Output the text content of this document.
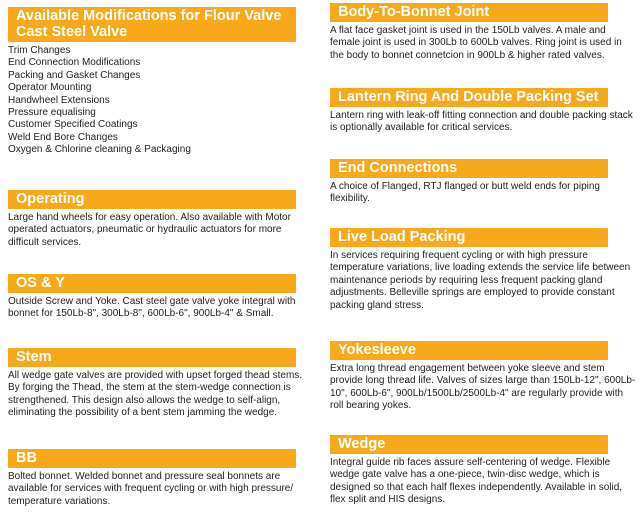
Available Modifications for Flour Valve Cast Steel Valve
Trim Changes
End Connection Modifications
Packing and Gasket Changes
Operator Mounting
Handwheel Extensions
Pressure equalising
Customer Specified Coatings
Weld End Bore Changes
Oxygen & Chlorine cleaning & Packaging
Operating
Large hand wheels for easy operation. Also available with Motor operated actuators, pneumatic or hydraulic actuators for more difficult services.
OS & Y
Outside Screw and Yoke. Cast steel gate valve yoke integral with bonnet for 150Lb-8", 300Lb-8", 600Lb-6", 900Lb-4" & Small.
Stem
All wedge gate valves are provided with upset forged thead stems. By forging the Thead, the stem at the stem-wedge connection is strengthened. This design also allows the wedge to self-align, eliminating the possibility of a bent stem jamming the wedge.
BB
Bolted bonnet. Welded bonnet and pressure seal bonnets are available for services with frequent cycling or with high pressure/ temperature variations.
Body-To-Bonnet Joint
A flat face gasket joint is used in the 150Lb valves. A male and female joint is used in 300Lb to 600Lb valves. Ring joint is used in the body to bonnet connetcion in 900Lb & higher rated valves.
Lantern Ring And Double Packing Set
Lantern ring with leak-off fitting connection and double packing stack is optionally available for critical services.
End Connections
A choice of Flanged, RTJ flanged or butt weld ends for piping flexibility.
Live Load Packing
In services requiring frequent cycling or with high pressure temperature variations, live loading extends the service life between maintenance periods by requiring less frequent packing gland adjustments. Belleville springs are employed to provide constant packing gland stress.
Yokesleeve
Extra long thread engagement between yoke sleeve and stem provide long thread life. Valves of sizes large than 150Lb-12", 600Lb-10", 600Lb-6", 900Lb/1500Lb/2500Lb-4" are regularly provide with roll bearing yokes.
Wedge
Integral guide rib faces assure self-centering of wedge. Flexible wedge gate valve has a one-piece, twin-disc wedge, which is designed so that each half flexes independently. Available in solid, flex split and HIS designs.
